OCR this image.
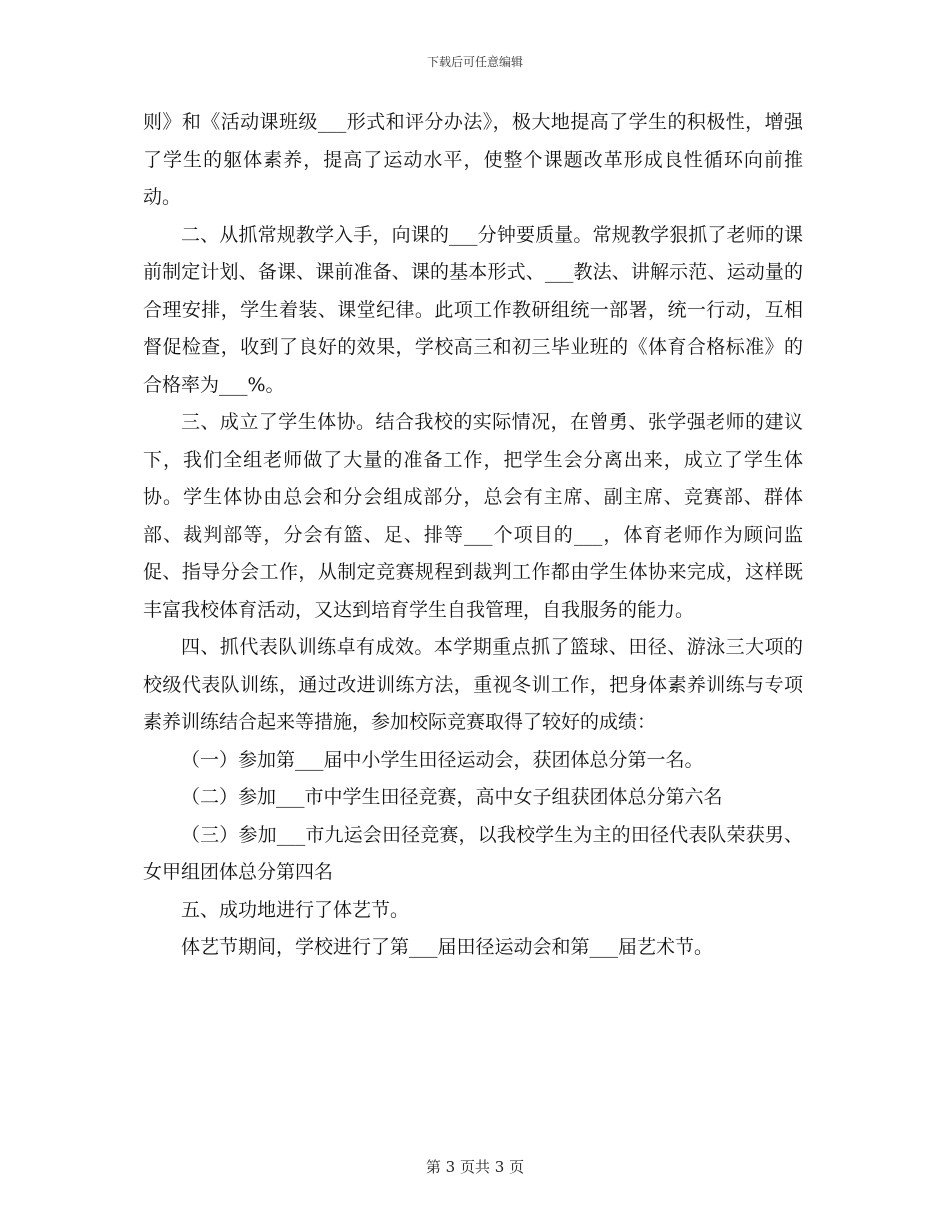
下载后可任意编辑

则》和《活动课班级___形式和评分办法》，极大地提高了学生的积极性，增强了学生的躯体素养，提高了运动水平，使整个课题改革形成良性循环向前推动。

二、从抓常规教学入手，向课的___分钟要质量。常规教学狠抓了老师的课前制定计划、备课、课前准备、课的基本形式、___教法、讲解示范、运动量的合理安排，学生着装、课堂纪律。此项工作教研组统一部署，统一行动，互相督促检查，收到了良好的效果，学校高三和初三毕业班的《体育合格标准》的合格率为___%。

三、成立了学生体协。结合我校的实际情况，在曾勇、张学强老师的建议下，我们全组老师做了大量的准备工作，把学生会分离出来，成立了学生体协。学生体协由总会和分会组成部分，总会有主席、副主席、竞赛部、群体部、裁判部等，分会有篮、足、排等___个项目的___，体育老师作为顾问监促、指导分会工作，从制定竞赛规程到裁判工作都由学生体协来完成，这样既丰富我校体育活动，又达到培育学生自我管理，自我服务的能力。

四、抓代表队训练卓有成效。本学期重点抓了篮球、田径、游泳三大项的校级代表队训练，通过改进训练方法，重视冬训工作，把身体素养训练与专项素养训练结合起来等措施，参加校际竞赛取得了较好的成绩：

（一）参加第___届中小学生田径运动会，获团体总分第一名。

（二）参加___市中学生田径竞赛，高中女子组获团体总分第六名

（三）参加___市九运会田径竞赛，以我校学生为主的田径代表队荣获男、女甲组团体总分第四名

五、成功地进行了体艺节。

体艺节期间，学校进行了第___届田径运动会和第___届艺术节。

第 3 页共 3 页
